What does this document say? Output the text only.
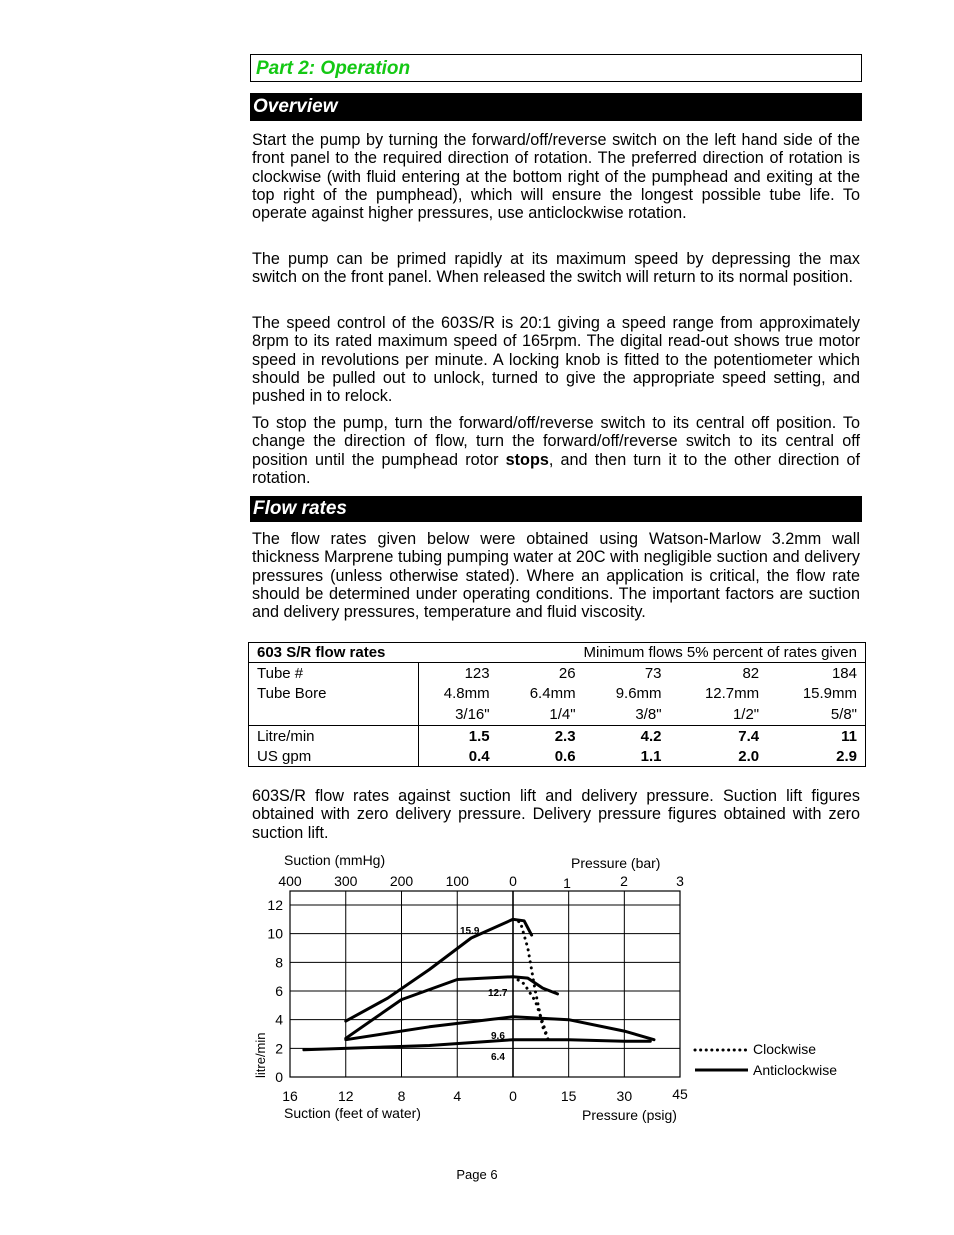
Part 2: Operation
Overview

Start the pump by turning the forward/off/reverse switch on the left hand side of the front panel to the required direction of rotation. The preferred direction of rotation is clockwise (with fluid entering at the bottom right of the pumphead and exiting at the top right of the pumphead), which will ensure the longest possible tube life. To operate against higher pressures, use anticlockwise rotation.

The pump can be primed rapidly at its maximum speed by depressing the max switch on the front panel. When released the switch will return to its normal position.

The speed control of the 603S/R is 20:1 giving a speed range from approximately 8rpm to its rated maximum speed of 165rpm. The digital read-out shows true motor speed in revolutions per minute. A locking knob is fitted to the potentiometer which should be pulled out to unlock, turned to give the appropriate speed setting, and pushed in to relock.

To stop the pump, turn the forward/off/reverse switch to its central off position. To change the direction of flow, turn the forward/off/reverse switch to its central off position until the pumphead rotor stops, and then turn it to the other direction of rotation.

Flow rates

The flow rates given below were obtained using Watson-Marlow 3.2mm wall thickness Marprene tubing pumping water at 20C with negligible suction and delivery pressures (unless otherwise stated). Where an application is critical, the flow rate should be determined under operating conditions. The important factors are suction and delivery pressures, temperature and fluid viscosity.

603 S/R flow rates		Minimum flows 5% percent of rates given			
Tube #	123	26	73	82	184
Tube Bore	4.8mm	6.4mm	9.6mm	12.7mm	15.9mm
	3/16"	1/4"	3/8"	1/2"	5/8"
Litre/min	1.5	2.3	4.2	7.4	11
US gpm	0.4	0.6	1.1	2.0	2.9

603S/R flow rates against suction lift and delivery pressure. Suction lift figures obtained with zero delivery pressure. Delivery pressure figures obtained with zero suction lift.

0
2
4
6
8
10
12
litre/min
400 300 200 100	0
Suction (mmHg)
1	2	3
Pressure (bar)
16	12	8	4	0	15	30	45
Suction (feet of water)	Pressure (psig)
15.9
12.7
9.6
6.4
Clockwise
Anticlockwise
Page 6
